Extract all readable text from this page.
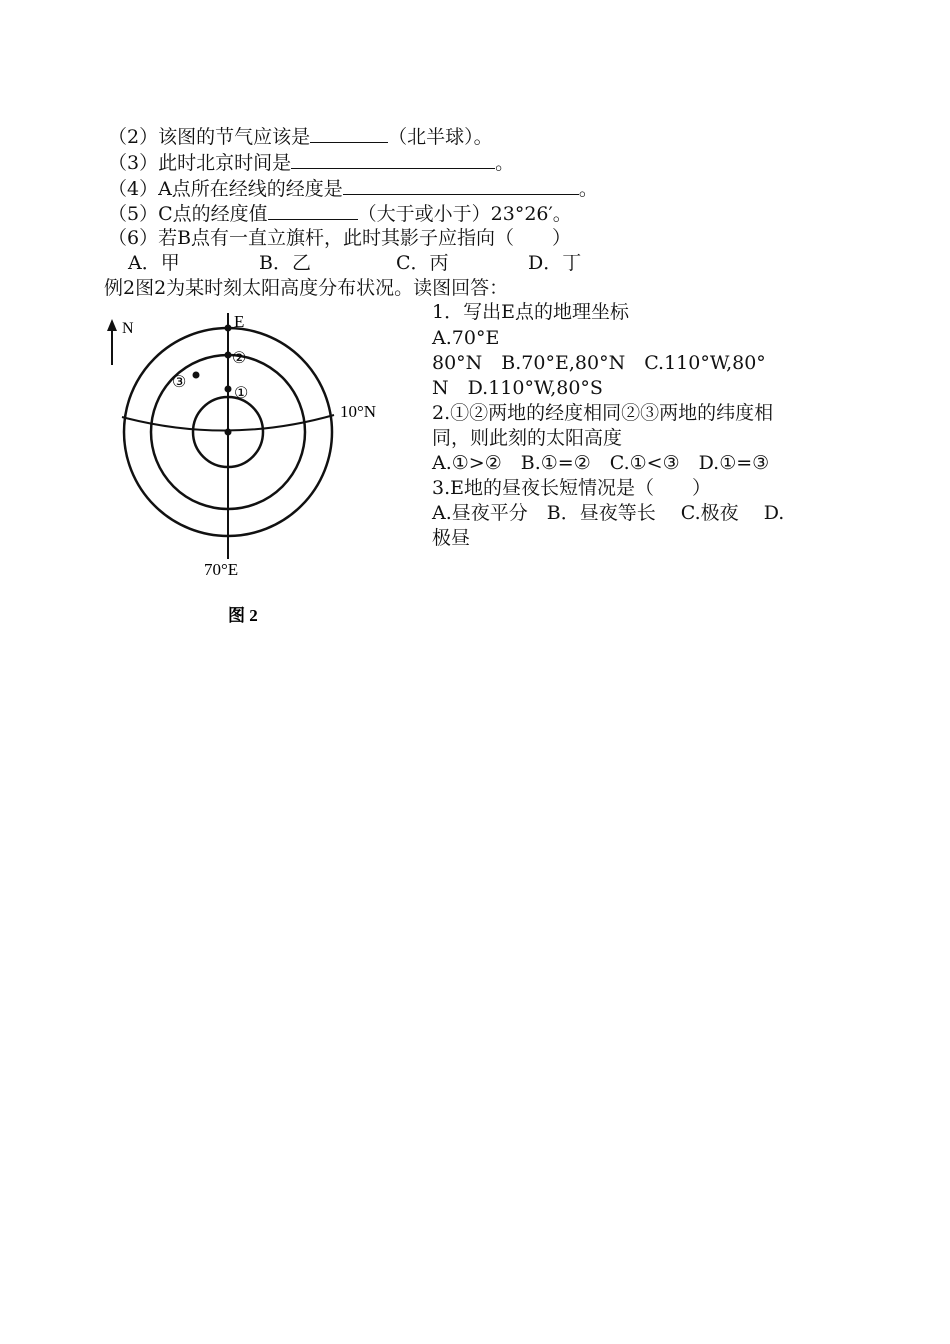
（2）该图的节气应该是	（北半球）。
（3）此时北京时间是	。
（4）A点所在经线的经度是	。
（5）C点的经度值	（大于或小于）23°26′。
（6）若B点有一直立旗杆，此时其影子应指向（　　）
A．甲	B．乙	C．丙	D．丁
例2图2为某时刻太阳高度分布状况。读图回答：
1．写出E点的地理坐标
A.70°E
80°N　B.70°E,80°N　C.110°W,80°
N　D.110°W,80°S
2.①②两地的经度相同②③两地的纬度相
同，则此刻的太阳高度
A.①>②　B.①=②　C.①<③　D.①=③
3.E地的昼夜长短情况是（　　）
A.昼夜平分　B．昼夜等长　 C.极夜　 D.
极昼
N	E
②
①
③
10°N
70°E
图 2
